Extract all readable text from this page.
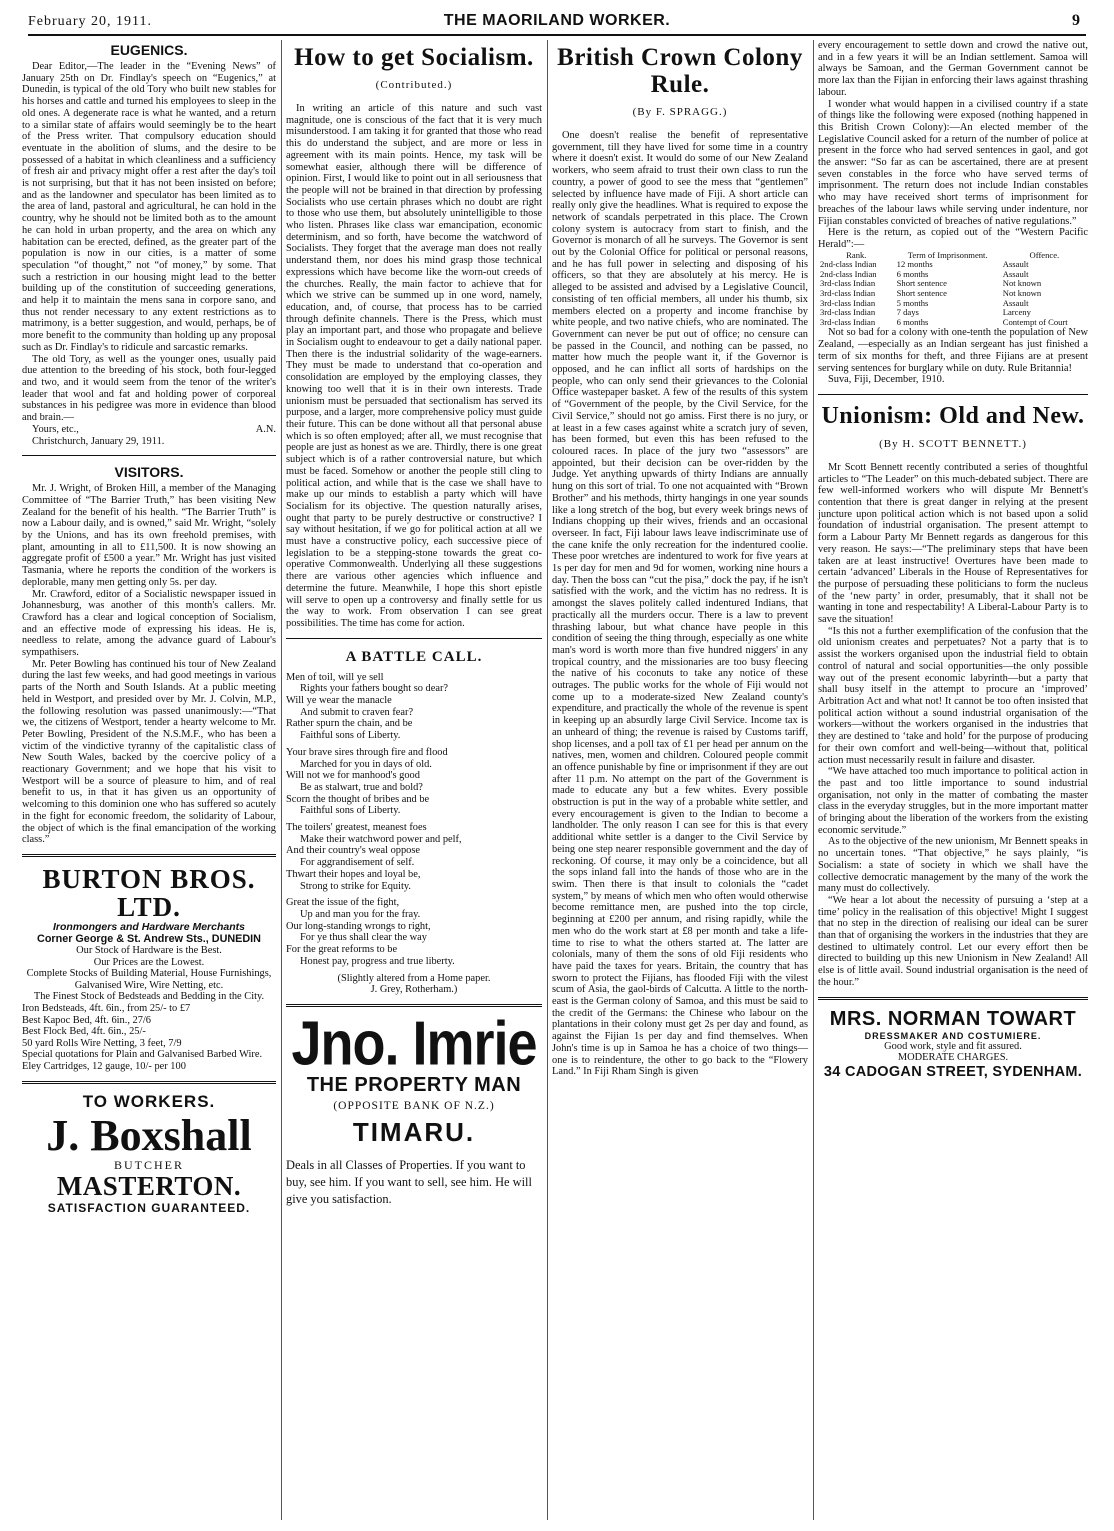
February 20, 1911.	THE MAORILAND WORKER.	9
EUGENICS.

Dear Editor,—The leader in the “Evening News” of January 25th on Dr. Findlay's speech on “Eugenics,” at Dunedin, is typical of the old Tory who built new stables for his horses and cattle and turned his employees to sleep in the old ones. A degenerate race is what he wanted, and a return to a similar state of affairs would seemingly be to the heart of the Press writer. That compulsory education should eventuate in the abolition of slums, and the desire to be possessed of a habitat in which cleanliness and a sufficiency of fresh air and privacy might offer a rest after the day's toil is not surprising, but that it has not been insisted on before; and as the landowner and speculator has been limited as to the area of land, pastoral and agricultural, he can hold in the country, why he should not be limited both as to the amount he can hold in urban property, and the area on which any habitation can be erected, defined, as the greater part of the population is now in our cities, is a matter of some speculation “of thought,” not “of money,” by some. That such a restriction in our housing might lead to the better building up of the constitution of succeeding generations, and help it to maintain the mens sana in corpore sano, and thus not render necessary to any extent restrictions as to matrimony, is a better suggestion, and would, perhaps, be of more benefit to the community than holding up any proposal such as Dr. Findlay's to ridicule and sarcastic remarks.

The old Tory, as well as the younger ones, usually paid due attention to the breeding of his stock, both four-legged and two, and it would seem from the tenor of the writer's leader that wool and fat and holding power of corporeal substances in his pedigree was more in evidence than blood and brain.—

Yours, etc.,	A.N.
Christchurch, January 29, 1911.
VISITORS.

Mr. J. Wright, of Broken Hill, a member of the Managing Committee of “The Barrier Truth,” has been visiting New Zealand for the benefit of his health. “The Barrier Truth” is now a Labour daily, and is owned,” said Mr. Wright, “solely by the Unions, and has its own freehold premises, with plant, amounting in all to £11,500. It is now showing an aggregate profit of £500 a year.” Mr. Wright has just visited Tasmania, where he reports the condition of the workers is deplorable, many men getting only 5s. per day.

Mr. Crawford, editor of a Socialistic newspaper issued in Johannesburg, was another of this month's callers. Mr. Crawford has a clear and logical conception of Socialism, and an effective mode of expressing his ideas. He is, needless to relate, among the advance guard of Labour's sympathisers.

Mr. Peter Bowling has continued his tour of New Zealand during the last few weeks, and had good meetings in various parts of the North and South Islands. At a public meeting held in Westport, and presided over by Mr. J. Colvin, M.P., the following resolution was passed unanimously:—“That we, the citizens of Westport, tender a hearty welcome to Mr. Peter Bowling, President of the N.S.M.F., who has been a victim of the vindictive tyranny of the capitalistic class of New South Wales, backed by the coercive policy of a reactionary Government; and we hope that his visit to Westport will be a source of pleasure to him, and of real benefit to us, in that it has given us an opportunity of welcoming to this dominion one who has suffered so acutely in the fight for economic freedom, the solidarity of Labour, the object of which is the final emancipation of the working class.”

BURTON BROS. LTD.
Ironmongers and Hardware Merchants
Corner George & St. Andrew Sts., DUNEDIN
Our Stock of Hardware is the Best.
Our Prices are the Lowest.
Complete Stocks of Building Material, House Furnishings, Galvanised Wire, Wire Netting, etc.
The Finest Stock of Bedsteads and Bedding in the City.
Iron Bedsteads, 4ft. 6in., from 25/- to £7
Best Kapoc Bed, 4ft. 6in., 27/6
Best Flock Bed, 4ft. 6in., 25/-
50 yard Rolls Wire Netting, 3 feet, 7/9
Special quotations for Plain and Galvanised Barbed Wire.
Eley Cartridges, 12 gauge, 10/- per 100
TO WORKERS.
J. Boxshall
BUTCHER
MASTERTON.
SATISFACTION GUARANTEED.
How to get Socialism.
(Contributed.)

In writing an article of this nature and such vast magnitude, one is conscious of the fact that it is very much misunderstood. I am taking it for granted that those who read this do understand the subject, and are more or less in agreement with its main points. Hence, my task will be somewhat easier, although there will be difference of opinion. First, I would like to point out in all seriousness that the people will not be brained in that direction by professing Socialists who use certain phrases which no doubt are right to those who use them, but absolutely unintelligible to those who listen. Phrases like class war emancipation, economic determinism, and so forth, have become the watchword of Socialists. They forget that the average man does not really understand them, nor does his mind grasp those technical expressions which have become like the worn-out creeds of the churches. Really, the main factor to achieve that for which we strive can be summed up in one word, namely, education, and, of course, that process has to be carried through definite channels. There is the Press, which must play an important part, and those who propagate and believe in Socialism ought to endeavour to get a daily national paper. Then there is the industrial solidarity of the wage-earners. They must be made to understand that co-operation and consolidation are employed by the employing classes, they knowing too well that it is in their own interests. Trade unionism must be persuaded that sectionalism has served its purpose, and a larger, more comprehensive policy must guide their future. This can be done without all that personal abuse which is so often employed; after all, we must recognise that people are just as honest as we are. Thirdly, there is one great subject which is of a rather controversial nature, but which must be faced. Somehow or another the people still cling to political action, and while that is the case we shall have to make up our minds to establish a party which will have Socialism for its objective. The question naturally arises, ought that party to be purely destructive or constructive? I say without hesitation, if we go for political action at all we must have a constructive policy, each successive piece of legislation to be a stepping-stone towards the great co-operative Commonwealth. Underlying all these suggestions there are various other agencies which influence and determine the future. Meanwhile, I hope this short epistle will serve to open up a controversy and finally settle for us the way to work. From observation I can see great possibilities. The time has come for action.

A BATTLE CALL.
Men of toil, will ye sell
Rights your fathers bought so dear?
Will ye wear the manacle
And submit to craven fear?
Rather spurn the chain, and be
Faithful sons of Liberty.
Your brave sires through fire and flood
Marched for you in days of old.
Will not we for manhood's good
Be as stalwart, true and bold?
Scorn the thought of bribes and be
Faithful sons of Liberty.
The toilers' greatest, meanest foes
Make their watchword power and pelf,
And their country's weal oppose
For aggrandisement of self.
Thwart their hopes and loyal be,
Strong to strike for Equity.
Great the issue of the fight,
Up and man you for the fray.
Our long-standing wrongs to right,
For ye thus shall clear the way
For the great reforms to be
Honest pay, progress and true liberty.
(Slightly altered from a Home paper.
J. Grey, Rotherham.)
Jno. Imrie
THE PROPERTY MAN
(OPPOSITE BANK OF N.Z.)
TIMARU.
Deals in all Classes of Properties. If you want to buy, see him. If you want to sell, see him. He will give you satisfaction.
British Crown Colony Rule.
(By F. SPRAGG.)

One doesn't realise the benefit of representative government, till they have lived for some time in a country where it doesn't exist. It would do some of our New Zealand workers, who seem afraid to trust their own class to run the country, a power of good to see the mess that “gentlemen” selected by influence have made of Fiji. A short article can really only give the headlines. What is required to expose the network of scandals perpetrated in this place. The Crown colony system is autocracy from start to finish, and the Governor is monarch of all he surveys. The Governor is sent out by the Colonial Office for political or personal reasons, and he has full power in selecting and disposing of his officers, so that they are absolutely at his mercy. He is alleged to be assisted and advised by a Legislative Council, consisting of ten official members, all under his thumb, six members elected on a property and income franchise by white people, and two native chiefs, who are nominated. The Government can never be put out of office; no censure can be passed in the Council, and nothing can be passed, no matter how much the people want it, if the Governor is opposed, and he can inflict all sorts of hardships on the people, who can only send their grievances to the Colonial Office wastepaper basket. A few of the results of this system of “Government of the people, by the Civil Service, for the Civil Service,” should not go amiss. First there is no jury, or at least in a few cases against white a scratch jury of seven, has been formed, but even this has been refused to the coloured races. In place of the jury two “assessors” are appointed, but their decision can be over-ridden by the Judge. Yet anything upwards of thirty Indians are annually hung on this sort of trial. To one not acquainted with “Brown Brother” and his methods, thirty hangings in one year sounds like a long stretch of the bog, but every week brings news of Indians chopping up their wives, friends and an occasional overseer. In fact, Fiji labour laws leave indiscriminate use of the cane knife the only recreation for the indentured coolie. These poor wretches are indentured to work for five years at 1s per day for men and 9d for women, working nine hours a day. Then the boss can “cut the pisa,” dock the pay, if he isn't satisfied with the work, and the victim has no redress. It is amongst the slaves politely called indentured Indians, that practically all the murders occur. There is a law to prevent thrashing labour, but what chance have people in this condition of seeing the thing through, especially as one white man's word is worth more than five hundred niggers' in any tropical country, and the missionaries are too busy fleecing the native of his coconuts to take any notice of these outrages. The public works for the whole of Fiji would not come up to a moderate-sized New Zealand county's expenditure, and practically the whole of the revenue is spent in keeping up an absurdly large Civil Service. Income tax is an unheard of thing; the revenue is raised by Customs tariff, shop licenses, and a poll tax of £1 per head per annum on the natives, men, women and children. Coloured people commit an offence punishable by fine or imprisonment if they are out after 11 p.m. No attempt on the part of the Government is made to educate any but a few whites. Every possible obstruction is put in the way of a probable white settler, and every encouragement is given to the Indian to become a landholder. The only reason I can see for this is that every additional white settler is a danger to the Civil Service by being one step nearer responsible government and the day of reckoning. Of course, it may only be a coincidence, but all the sops inland fall into the hands of those who are in the swim. Then there is that insult to colonials the “cadet system,” by means of which men who often would otherwise become remittance men, are pushed into the top circle, beginning at £200 per annum, and rising rapidly, while the men who do the work start at £8 per month and take a life-time to rise to what the others started at. The latter are colonials, many of them the sons of old Fiji residents who have paid the taxes for years. Britain, the country that has sworn to protect the Fijians, has flooded Fiji with the vilest scum of Asia, the gaol-birds of Calcutta. A little to the north-east is the German colony of Samoa, and this must be said to the credit of the Germans: the Chinese who labour on the plantations in their colony must get 2s per day and found, as against the Fijian 1s per day and find themselves. When John's time is up in Samoa he has a choice of two things—one is to reindenture, the other to go back to the “Flowery Land.” In Fiji Rham Singh is given

every encouragement to settle down and crowd the native out, and in a few years it will be an Indian settlement. Samoa will always be Samoan, and the German Government cannot be more lax than the Fijian in enforcing their laws against thrashing labour.

I wonder what would happen in a civilised country if a state of things like the following were exposed (nothing happened in this British Crown Colony):—An elected member of the Legislative Council asked for a return of the number of police at present in the force who had served sentences in gaol, and got the answer: “So far as can be ascertained, there are at present seven constables in the force who have served terms of imprisonment. The return does not include Indian constables who may have received short terms of imprisonment for breaches of the labour laws while serving under indenture, nor Fijian constables convicted of breaches of native regulations.”

Here is the return, as copied out of the “Western Pacific Herald”:—

Rank.	Term of Imprisonment.	Offence.
2nd-class Indian	12 months	Assault
2nd-class Indian	6 months	Assault
3rd-class Indian	Short sentence	Not known
3rd-class Indian	Short sentence	Not known
3rd-class Indian	5 months	Assault
3rd-class Indian	7 days	Larceny
3rd-class Indian	6 months	Contempt of Court

Not so bad for a colony with one-tenth the population of New Zealand, —especially as an Indian sergeant has just finished a term of six months for theft, and three Fijians are at present serving sentences for burglary while on duty. Rule Britannia!

Suva, Fiji, December, 1910.

Unionism: Old and New.
(By H. SCOTT BENNETT.)

Mr Scott Bennett recently contributed a series of thoughtful articles to “The Leader” on this much-debated subject. There are few well-informed workers who will dispute Mr Bennett's contention that there is great danger in relying at the present juncture upon political action which is not based upon a solid foundation of industrial organisation. The present attempt to form a Labour Party Mr Bennett regards as dangerous for this very reason. He says:—“The preliminary steps that have been taken are at least instructive! Overtures have been made to certain ‘advanced’ Liberals in the House of Representatives for the purpose of persuading these politicians to form the nucleus of the ‘new party’ in order, presumably, that it shall not be wanting in tone and respectability! A Liberal-Labour Party is to save the situation!

“Is this not a further exemplification of the confusion that the old unionism creates and perpetuates? Not a party that is to assist the workers organised upon the industrial field to obtain control of natural and social opportunities—the only possible way out of the present economic labyrinth—but a party that shall busy itself in the attempt to procure an ‘improved’ Arbitration Act and what not! It cannot be too often insisted that political action without a sound industrial organisation of the workers—without the workers organised in the industries that they are destined to ‘take and hold’ for the purpose of producing for their own comfort and well-being—without that, political action must necessarily result in failure and disaster.

“We have attached too much importance to political action in the past and too little importance to sound industrial organisation, not only in the matter of combating the master class in the everyday struggles, but in the more important matter of bringing about the liberation of the workers from the existing economic servitude.”

As to the objective of the new unionism, Mr Bennett speaks in no uncertain tones. “That objective,” he says plainly, “is Socialism: a state of society in which we shall have the collective democratic management by the many of the work the many must do collectively.

“We hear a lot about the necessity of pursuing a ‘step at a time’ policy in the realisation of this objective! Might I suggest that no step in the direction of realising our ideal can be surer than that of organising the workers in the industries that they are destined to ultimately control. Let our every effort then be directed to building up this new Unionism in New Zealand! All else is of little avail. Sound industrial organisation is the need of the hour.”

MRS. NORMAN TOWART
DRESSMAKER AND COSTUMIERE.
Good work, style and fit assured.
MODERATE CHARGES.
34 CADOGAN STREET, SYDENHAM.
